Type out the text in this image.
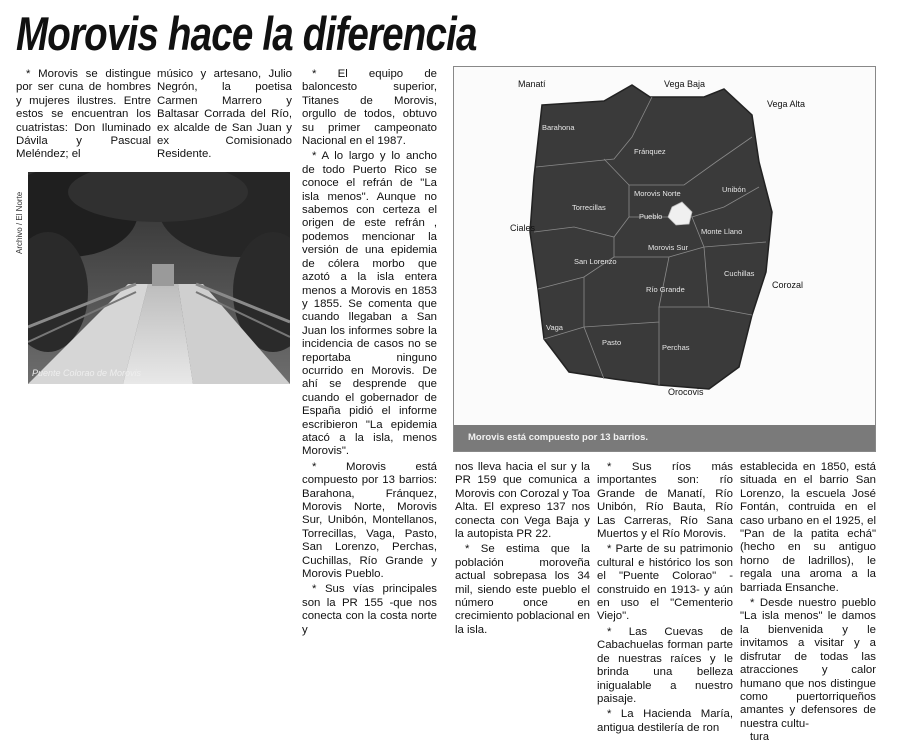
Morovis hace la diferencia

* Morovis se distingue por ser cuna de hombres y mujeres ilustres. Entre estos se encuentran los cuatristas: Don Iluminado Dávila y Pascual Meléndez; el

músico y artesano, Julio Negrón, la poetisa Carmen Marrero y Baltasar Corrada del Río, ex alcalde de San Juan y ex Comisionado Residente.

Archivo / El Norte
Puente Colorao de Morovis

* El equipo de baloncesto superior, Titanes de Morovis, orgullo de todos, obtuvo su primer campeonato Nacional en el 1987.

* A lo largo y lo ancho de todo Puerto Rico se conoce el refrán de "La isla menos". Aunque no sabemos con certeza el origen de este refrán , podemos mencionar la versión de una epidemia de cólera morbo que azotó a la isla entera menos a Morovis en 1853 y 1855. Se comenta que cuando llegaban a San Juan los informes sobre la incidencia de casos no se reportaba ninguno ocurrido en Morovis. De ahí se desprende que cuando el gobernador de España pidió el informe escribieron "La epidemia atacó a la isla, menos Morovis".

* Morovis está compuesto por 13 barrios: Barahona, Fránquez, Morovis Norte, Morovis Sur, Unibón, Montellanos, Torrecillas, Vaga, Pasto, San Lorenzo, Perchas, Cuchillas, Río Grande y Morovis Pueblo.

* Sus vías principales son la PR 155 -que nos conecta con la costa norte y

Manatí	Vega Baja
Vega Alta
Ciales
Corozal
Orocovis
Barahona
Fránquez
Morovis Norte	Unibón
Torrecillas
Pueblo
Monte Llano
Morovis Sur
San Lorenzo
Cuchillas
Río Grande
Vaga
Pasto
Perchas
Morovis está compuesto por 13 barrios.

nos lleva hacia el sur y la PR 159 que comunica a Morovis con Corozal y Toa Alta. El expreso 137 nos conecta con Vega Baja y la autopista PR 22.

* Se estima que la población moroveña actual sobrepasa los 34 mil, siendo este pueblo el número once en crecimiento poblacional en la isla.

* Sus ríos más importantes son: río Grande de Manatí, Río Unibón, Río Bauta, Río Las Carreras, Río Sana Muertos y el Río Morovis.

* Parte de su patrimonio cultural e histórico los son el "Puente Colorao" - construido en 1913- y aún en uso el "Cementerio Viejo".

* Las Cuevas de Cabachuelas forman parte de nuestras raíces y le brinda una belleza inigualable a nuestro paisaje.

* La Hacienda María, antigua destilería de ron

establecida en 1850, está situada en el barrio San Lorenzo, la escuela José Fontán, contruida en el caso urbano en el 1925, el "Pan de la patita echá" (hecho en su antiguo horno de ladrillos), le regala una aroma a la barriada Ensanche.

* Desde nuestro pueblo "La isla menos" le damos la bienvenida y le invitamos a visitar y a disfrutar de todas las atracciones y calor humano que nos distingue como puertorriqueños amantes y defensores de nuestra cultu-

tura
